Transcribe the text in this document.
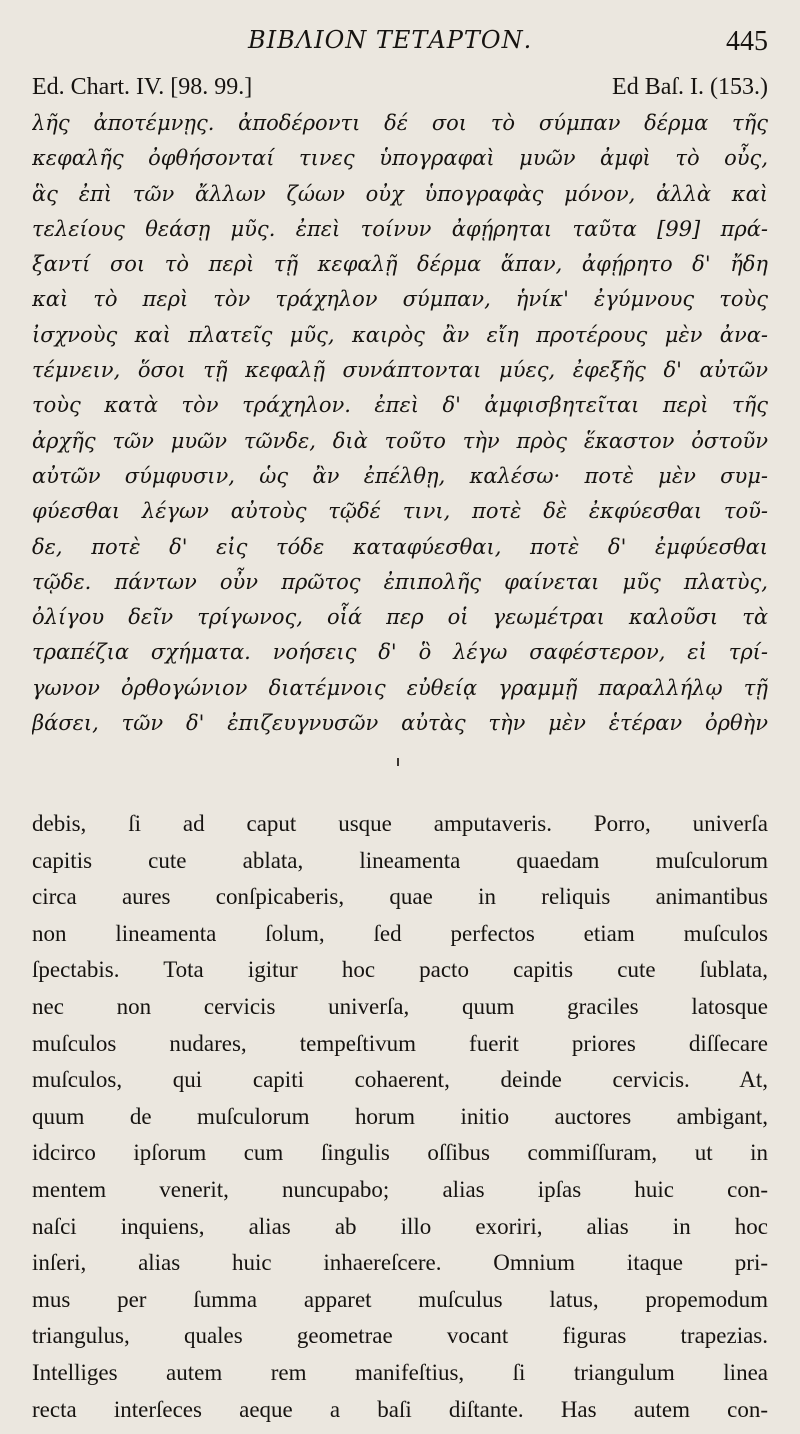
ΒΙΒΛΙΟΝ ΤΕΤΑΡΤΟΝ.	445
Ed. Chart. IV. [98. 99.]	Ed Baſ. I. (153.)
λῆς ἀποτέμνῃς. ἀποδέροντι δέ σοι τὸ σύμπαν δέρμα τῆς
κεφαλῆς ὀφθήσονταί τινες ὑπογραφαὶ μυῶν ἀμφὶ τὸ οὖς,
ἃς ἐπὶ τῶν ἄλλων ζώων οὐχ ὑπογραφὰς μόνον, ἀλλὰ καὶ
τελείους θεάσῃ μῦς. ἐπεὶ τοίνυν ἀφῄρηται ταῦτα [99] πρά-
ξαντί σοι τὸ περὶ τῇ κεφαλῇ δέρμα ἅπαν, ἀφῄρητο δ' ἤδη
καὶ τὸ περὶ τὸν τράχηλον σύμπαν, ἡνίκ' ἐγύμνους τοὺς
ἰσχνοὺς καὶ πλατεῖς μῦς, καιρὸς ἂν εἴη προτέρους μὲν ἀνα-
τέμνειν, ὅσοι τῇ κεφαλῇ συνάπτονται μύες, ἐφεξῆς δ' αὐτῶν
τοὺς κατὰ τὸν τράχηλον. ἐπεὶ δ' ἀμφισβητεῖται περὶ τῆς
ἀρχῆς τῶν μυῶν τῶνδε, διὰ τοῦτο τὴν πρὸς ἕκαστον ὀστοῦν
αὐτῶν σύμφυσιν, ὡς ἂν ἐπέλθῃ, καλέσω· ποτὲ μὲν συμ-
φύεσθαι λέγων αὐτοὺς τῷδέ τινι, ποτὲ δὲ ἐκφύεσθαι τοῦ-
δε, ποτὲ δ' εἰς τόδε καταφύεσθαι, ποτὲ δ' ἐμφύεσθαι
τῷδε. πάντων οὖν πρῶτος ἐπιπολῆς φαίνεται μῦς πλατὺς,
ὀλίγου δεῖν τρίγωνος, οἷά περ οἱ γεωμέτραι καλοῦσι τὰ
τραπέζια σχήματα. νοήσεις δ' ὃ λέγω σαφέστερον, εἰ τρί-
γωνον ὀρθογώνιον διατέμνοις εὐθείᾳ γραμμῇ παραλλήλῳ τῇ
βάσει, τῶν δ' ἐπιζευγνυσῶν αὐτὰς τὴν μὲν ἑτέραν ὀρθὴν
debis, ſi ad caput usque amputaveris. Porro, univerſa
capitis cute ablata, lineamenta quaedam muſculorum
circa aures conſpicaberis, quae in reliquis animantibus
non lineamenta ſolum, ſed perfectos etiam muſculos
ſpectabis. Tota igitur hoc pacto capitis cute ſublata,
nec non cervicis univerſa, quum graciles latosque
muſculos nudares, tempeſtivum fuerit priores diſſecare
muſculos, qui capiti cohaerent, deinde cervicis. At,
quum de muſculorum horum initio auctores ambigant,
idcirco ipſorum cum ſingulis oſſibus commiſſuram, ut in
mentem venerit, nuncupabo; alias ipſas huic con-
naſci inquiens, alias ab illo exoriri, alias in hoc
inſeri, alias huic inhaereſcere. Omnium itaque pri-
mus per ſumma apparet muſculus latus, propemodum
triangulus, quales geometrae vocant figuras trapezias.
Intelliges autem rem manifeſtius, ſi triangulum linea
recta interſeces aeque a baſi diſtante. Has autem con-
